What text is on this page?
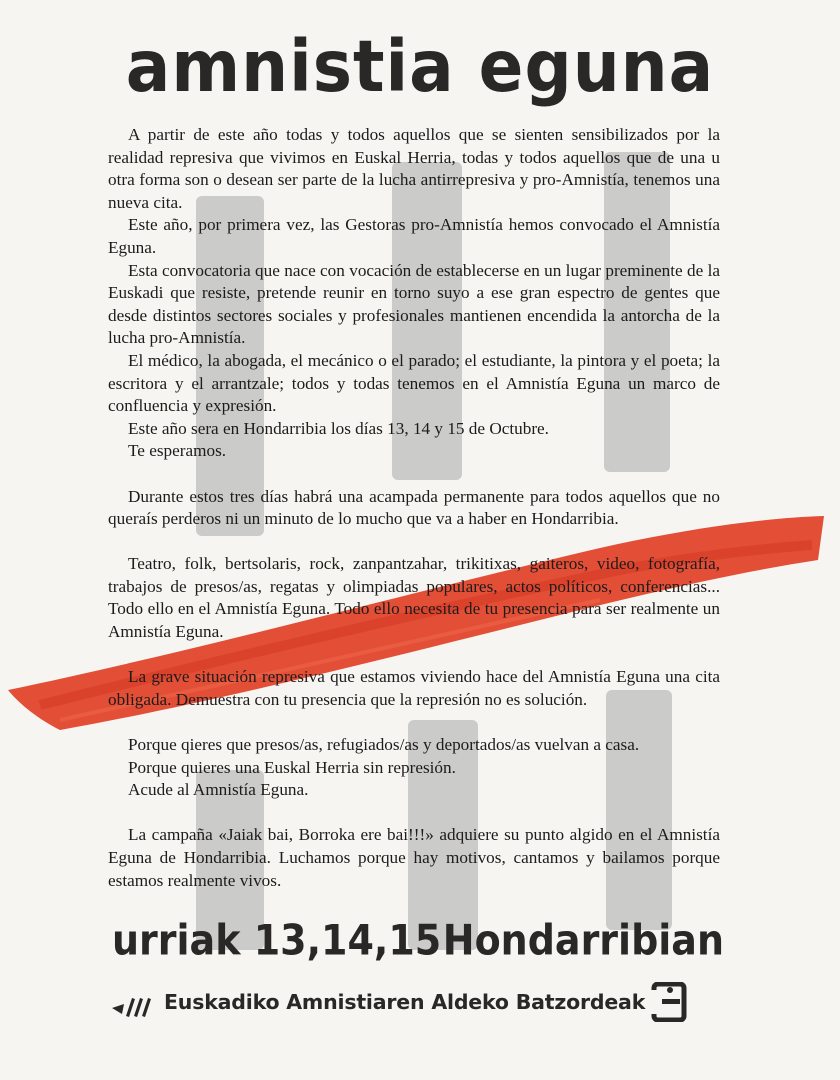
amnistia eguna

A partir de este año todas y todos aquellos que se sienten sensibilizados por la realidad represiva que vivimos en Euskal Herria, todas y todos aquellos que de una u otra forma son o desean ser parte de la lucha antirrepresiva y pro-Amnistía, tenemos una nueva cita.

Este año, por primera vez, las Gestoras pro-Amnistía hemos convocado el Amnistía Eguna.

Esta convocatoria que nace con vocación de establecerse en un lugar preminente de la Euskadi que resiste, pretende reunir en torno suyo a ese gran espectro de gentes que desde distintos sectores sociales y profesionales mantienen encendida la antorcha de la lucha pro-Amnistía.

El médico, la abogada, el mecánico o el parado; el estudiante, la pintora y el poeta; la escritora y el arrantzale; todos y todas tenemos en el Amnistía Eguna un marco de confluencia y expresión.

Este año sera en Hondarribia los días 13, 14 y 15 de Octubre.

Te esperamos.

Durante estos tres días habrá una acampada permanente para todos aquellos que no queraís perderos ni un minuto de lo mucho que va a haber en Hondarribia.

Teatro, folk, bertsolaris, rock, zanpantzahar, trikitixas, gaiteros, video, fotografía, trabajos de presos/as, regatas y olimpiadas populares, actos políticos, conferencias... Todo ello en el Amnistía Eguna. Todo ello necesita de tu presencia para ser realmente un Amnistía Eguna.

La grave situación represiva que estamos viviendo hace del Amnistía Eguna una cita obligada. Demuestra con tu presencia que la represión no es solución.

Porque qieres que presos/as, refugiados/as y deportados/as vuelvan a casa.

Porque quieres una Euskal Herria sin represión.

Acude al Amnistía Eguna.

La campaña «Jaiak bai, Borroka ere bai!!!» adquiere su punto algido en el Amnistía Eguna de Hondarribia. Luchamos porque hay motivos, cantamos y bailamos porque estamos realmente vivos.

urriak 13,14,15 Hondarribian
Euskadiko Amnistiaren Aldeko Batzordeak
